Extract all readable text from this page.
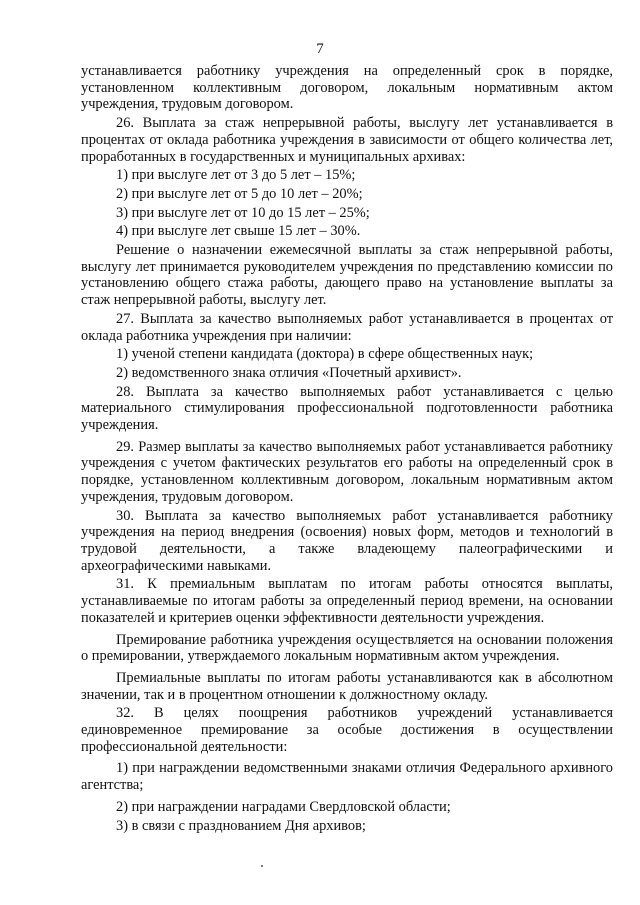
7

устанавливается работнику учреждения на определенный срок в порядке, установленном коллективным договором, локальным нормативным актом учреждения, трудовым договором.

26. Выплата за стаж непрерывной работы, выслугу лет устанавливается в процентах от оклада работника учреждения в зависимости от общего количества лет, проработанных в государственных и муниципальных архивах:

1) при выслуге лет от 3 до 5 лет – 15%;

2) при выслуге лет от 5 до 10 лет – 20%;

3) при выслуге лет от 10 до 15 лет – 25%;

4) при выслуге лет свыше 15 лет – 30%.

Решение о назначении ежемесячной выплаты за стаж непрерывной работы, выслугу лет принимается руководителем учреждения по представлению комиссии по установлению общего стажа работы, дающего право на установление выплаты за стаж непрерывной работы, выслугу лет.

27. Выплата за качество выполняемых работ устанавливается в процентах от оклада работника учреждения при наличии:

1) ученой степени кандидата (доктора) в сфере общественных наук;

2) ведомственного знака отличия «Почетный архивист».

28. Выплата за качество выполняемых работ устанавливается с целью материального стимулирования профессиональной подготовленности работника учреждения.

29. Размер выплаты за качество выполняемых работ устанавливается работнику учреждения с учетом фактических результатов его работы на определенный срок в порядке, установленном коллективным договором, локальным нормативным актом учреждения, трудовым договором.

30. Выплата за качество выполняемых работ устанавливается работнику учреждения на период внедрения (освоения) новых форм, методов и технологий в трудовой деятельности, а также владеющему палеографическими и археографическими навыками.

31. К премиальным выплатам по итогам работы относятся выплаты, устанавливаемые по итогам работы за определенный период времени, на основании показателей и критериев оценки эффективности деятельности учреждения.

Премирование работника учреждения осуществляется на основании положения о премировании, утверждаемого локальным нормативным актом учреждения.

Премиальные выплаты по итогам работы устанавливаются как в абсолютном значении, так и в процентном отношении к должностному окладу.

32. В целях поощрения работников учреждений устанавливается единовременное премирование за особые достижения в осуществлении профессиональной деятельности:

1) при награждении ведомственными знаками отличия Федерального архивного агентства;

2) при награждении наградами Свердловской области;

3) в связи с празднованием Дня архивов;
